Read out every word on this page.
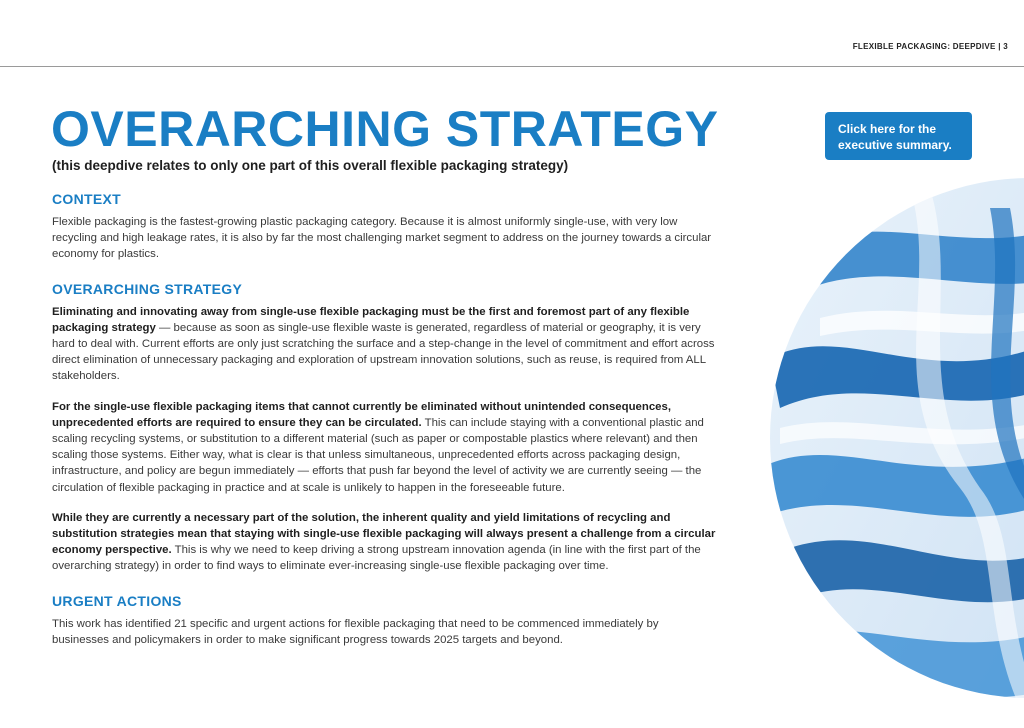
FLEXIBLE PACKAGING: DEEPDIVE | 3
OVERARCHING STRATEGY

(this deepdive relates to only one part of this overall flexible packaging strategy)

Click here for the executive summary.
CONTEXT

Flexible packaging is the fastest-growing plastic packaging category. Because it is almost uniformly single-use, with very low recycling and high leakage rates, it is also by far the most challenging market segment to address on the journey towards a circular economy for plastics.

OVERARCHING STRATEGY

Eliminating and innovating away from single-use flexible packaging must be the first and foremost part of any flexible packaging strategy — because as soon as single-use flexible waste is generated, regardless of material or geography, it is very hard to deal with. Current efforts are only just scratching the surface and a step-change in the level of commitment and effort across direct elimination of unnecessary packaging and exploration of upstream innovation solutions, such as reuse, is required from ALL stakeholders.

For the single-use flexible packaging items that cannot currently be eliminated without unintended consequences, unprecedented efforts are required to ensure they can be circulated. This can include staying with a conventional plastic and scaling recycling systems, or substitution to a different material (such as paper or compostable plastics where relevant) and then scaling those systems. Either way, what is clear is that unless simultaneous, unprecedented efforts across packaging design, infrastructure, and policy are begun immediately — efforts that push far beyond the level of activity we are currently seeing — the circulation of flexible packaging in practice and at scale is unlikely to happen in the foreseeable future.

While they are currently a necessary part of the solution, the inherent quality and yield limitations of recycling and substitution strategies mean that staying with single-use flexible packaging will always present a challenge from a circular economy perspective. This is why we need to keep driving a strong upstream innovation agenda (in line with the first part of the overarching strategy) in order to find ways to eliminate ever-increasing single-use flexible packaging over time.

URGENT ACTIONS

This work has identified 21 specific and urgent actions for flexible packaging that need to be commenced immediately by businesses and policymakers in order to make significant progress towards 2025 targets and beyond.
